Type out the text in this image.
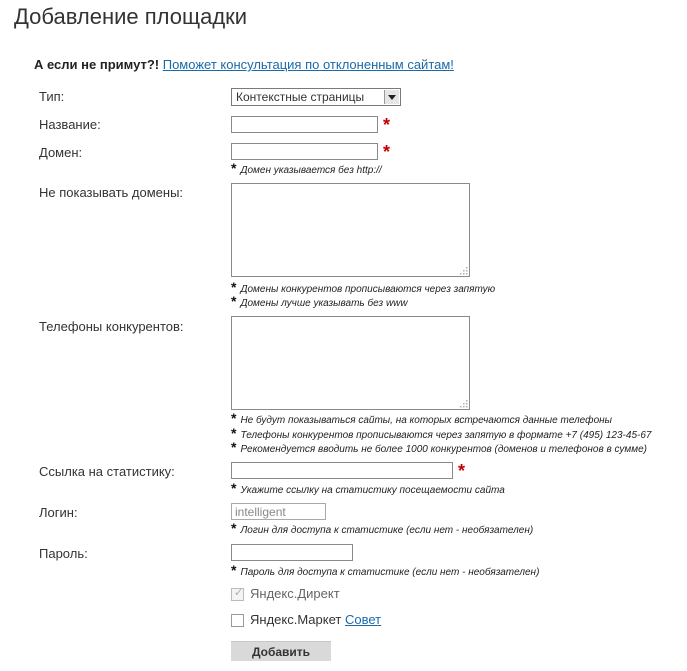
Добавление площадки
А если не примут?! Поможет консультация по отклоненным сайтам!
Тип:	Контекстные страницы
Название:	*
Домен:	*
* Домен указывается без http://
Не показывать домены:
* Домены конкурентов прописываются через запятую
* Домены лучше указывать без www
Телефоны конкурентов:
* Не будут показываться сайты, на которых встречаются данные телефоны
* Телефоны конкурентов прописываются через запятую в формате +7 (495) 123-45-67
* Рекомендуется вводить не более 1000 конкурентов (доменов и телефонов в сумме)
Ссылка на статистику:	*
* Укажите ссылку на статистику посещаемости сайта
Логин:
intelligent
* Логин для доступа к статистике (если нет - необязателен)
Пароль:
* Пароль для доступа к статистике (если нет - необязателен)
✓ Яндекс.Директ
Яндекс.Маркет Совет
Добавить
